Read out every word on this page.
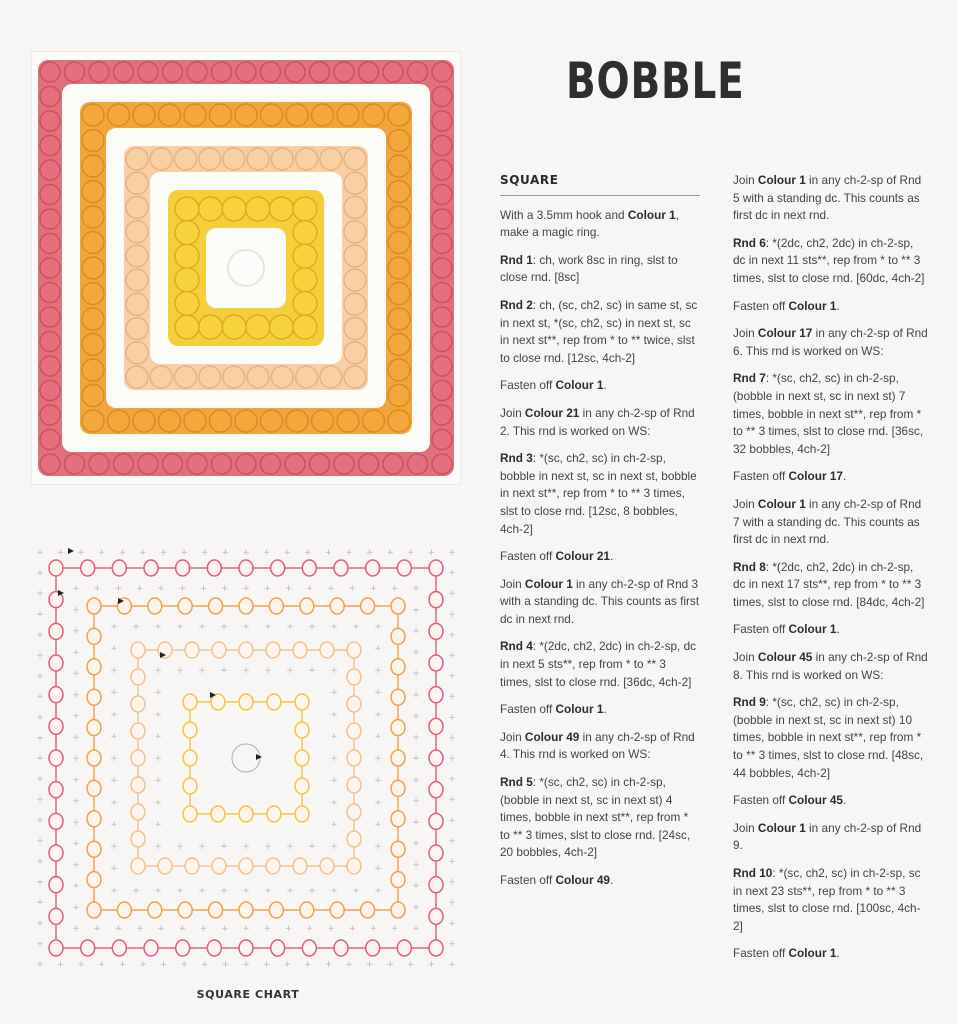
+ + + + + + + + + + + + + + + + + + + + +
+
+
+
+
+
+
+
+
+
+
+
+
+
+
+
+
+
+
+
+
+
+
+
+
+
+
+
+
+
+
+
+
+
+
+
+
+
+
+
+
+
+
+
+
+
+
+
+
+
+
+
+
+
+
+
+
+
+
+
+ + + + + + + + + + + + + + + + +
+
+
+
+
+
+
+
+
+
+
+
+
+
+
+
+
+
+
+
+
+
+
+
+
+
+
+
+
+
+
+
+
+
+
+
+
+
+
+
+
+
+
+
+
+
+
+
+ + + + + + + + + + + + +
+
+
+
+
+
+
+
+
+
+
+
+
+
+
+
+
+
+
+
+
+
+
+
+
+
+
+
+
+
+
+
+
+
+
+
+ + + + + + + + +
+
+
+
+
+
+
+
+
+
+
+
+
+
+
+
+
+
+
+
+
+
+
+
SQUARE CHART
BOBBLE
SQUARE

With a 3.5mm hook and Colour 1, make a magic ring.

Rnd 1: ch, work 8sc in ring, slst to close rnd. [8sc]

Rnd 2: ch, (sc, ch2, sc) in same st, sc in next st, *(sc, ch2, sc) in next st, sc in next st**, rep from * to ** twice, slst to close rnd. [12sc, 4ch-2]

Fasten off Colour 1.

Join Colour 21 in any ch-2-sp of Rnd 2. This rnd is worked on WS:

Rnd 3: *(sc, ch2, sc) in ch-2-sp, bobble in next st, sc in next st, bobble in next st**, rep from * to ** 3 times, slst to close rnd. [12sc, 8 bobbles, 4ch-2]

Fasten off Colour 21.

Join Colour 1 in any ch-2-sp of Rnd 3 with a standing dc. This counts as first dc in next rnd.

Rnd 4: *(2dc, ch2, 2dc) in ch-2-sp, dc in next 5 sts**, rep from * to ** 3 times, slst to close rnd. [36dc, 4ch-2]

Fasten off Colour 1.

Join Colour 49 in any ch-2-sp of Rnd 4. This rnd is worked on WS:

Rnd 5: *(sc, ch2, sc) in ch-2-sp, (bobble in next st, sc in next st) 4 times, bobble in next st**, rep from * to ** 3 times, slst to close rnd. [24sc, 20 bobbles, 4ch-2]

Fasten off Colour 49.

Join Colour 1 in any ch-2-sp of Rnd 5 with a standing dc. This counts as first dc in next rnd.

Rnd 6: *(2dc, ch2, 2dc) in ch-2-sp, dc in next 11 sts**, rep from * to ** 3 times, slst to close rnd. [60dc, 4ch-2]

Fasten off Colour 1.

Join Colour 17 in any ch-2-sp of Rnd 6. This rnd is worked on WS:

Rnd 7: *(sc, ch2, sc) in ch-2-sp, (bobble in next st, sc in next st) 7 times, bobble in next st**, rep from * to ** 3 times, slst to close rnd. [36sc, 32 bobbles, 4ch-2]

Fasten off Colour 17.

Join Colour 1 in any ch-2-sp of Rnd 7 with a standing dc. This counts as first dc in next rnd.

Rnd 8: *(2dc, ch2, 2dc) in ch-2-sp, dc in next 17 sts**, rep from * to ** 3 times, slst to close rnd. [84dc, 4ch-2]

Fasten off Colour 1.

Join Colour 45 in any ch-2-sp of Rnd 8. This rnd is worked on WS:

Rnd 9: *(sc, ch2, sc) in ch-2-sp, (bobble in next st, sc in next st) 10 times, bobble in next st**, rep from * to ** 3 times, slst to close rnd. [48sc, 44 bobbles, 4ch-2]

Fasten off Colour 45.

Join Colour 1 in any ch-2-sp of Rnd 9.

Rnd 10: *(sc, ch2, sc) in ch-2-sp, sc in next 23 sts**, rep from * to ** 3 times, slst to close rnd. [100sc, 4ch-2]

Fasten off Colour 1.
